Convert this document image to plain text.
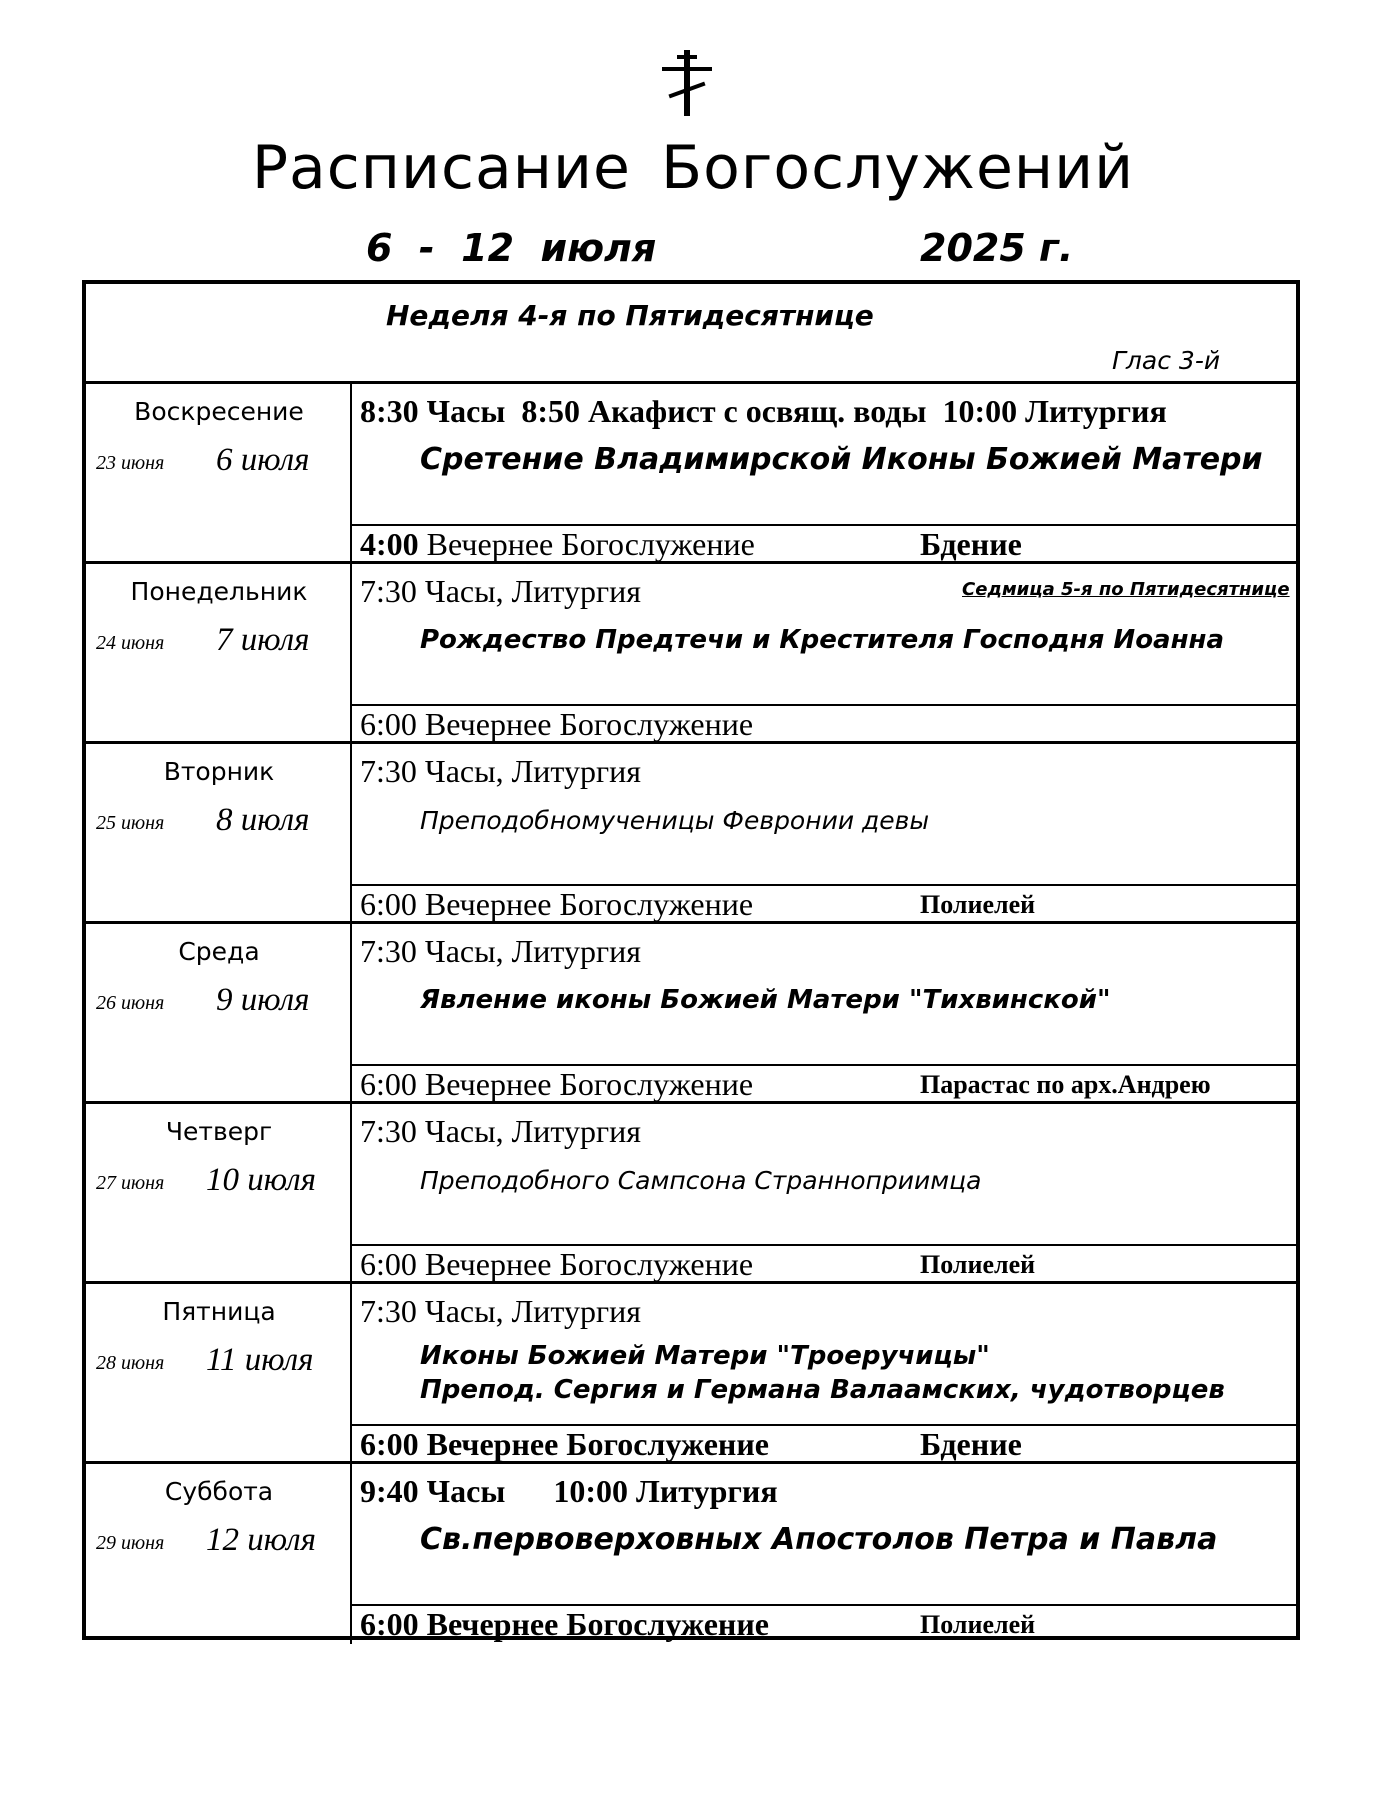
Расписание Богослужений
6  -  12  июля	2025 г.
Неделя 4-я по Пятидесятнице
Глас 3-й
Воскресение
23 июня 6 июля
8:30 Часы  8:50 Акафист с освящ. воды  10:00 Литургия
Сретение Владимирской Иконы Божией Матери
4:00 Вечернее Богослужение	Бдение
Понедельник
24 июня 7 июля
7:30 Часы, Литургия	Седмица 5-я по Пятидесятнице
Рождество Предтечи и Крестителя Господня Иоанна
6:00 Вечернее Богослужение
Вторник
25 июня 8 июля
7:30 Часы, Литургия
Преподобномученицы Февронии девы
6:00 Вечернее Богослужение	Полиелей
Среда
26 июня 9 июля
7:30 Часы, Литургия
Явление иконы Божией Матери "Тихвинской"
6:00 Вечернее Богослужение	Парастас по арх.Андрею
Четверг
27 июня 10 июля
7:30 Часы, Литургия
Преподобного Сампсона Странноприимца
6:00 Вечернее Богослужение	Полиелей
Пятница
28 июня 11 июля
7:30 Часы, Литургия
Иконы Божией Матери "Троеручицы"
Препод. Сергия и Германа Валаамских, чудотворцев
6:00 Вечернее Богослужение	Бдение
Суббота
29 июня 12 июля
9:40 Часы      10:00 Литургия
Св.первоверховных Апостолов Петра и Павла
6:00 Вечернее Богослужение	Полиелей
